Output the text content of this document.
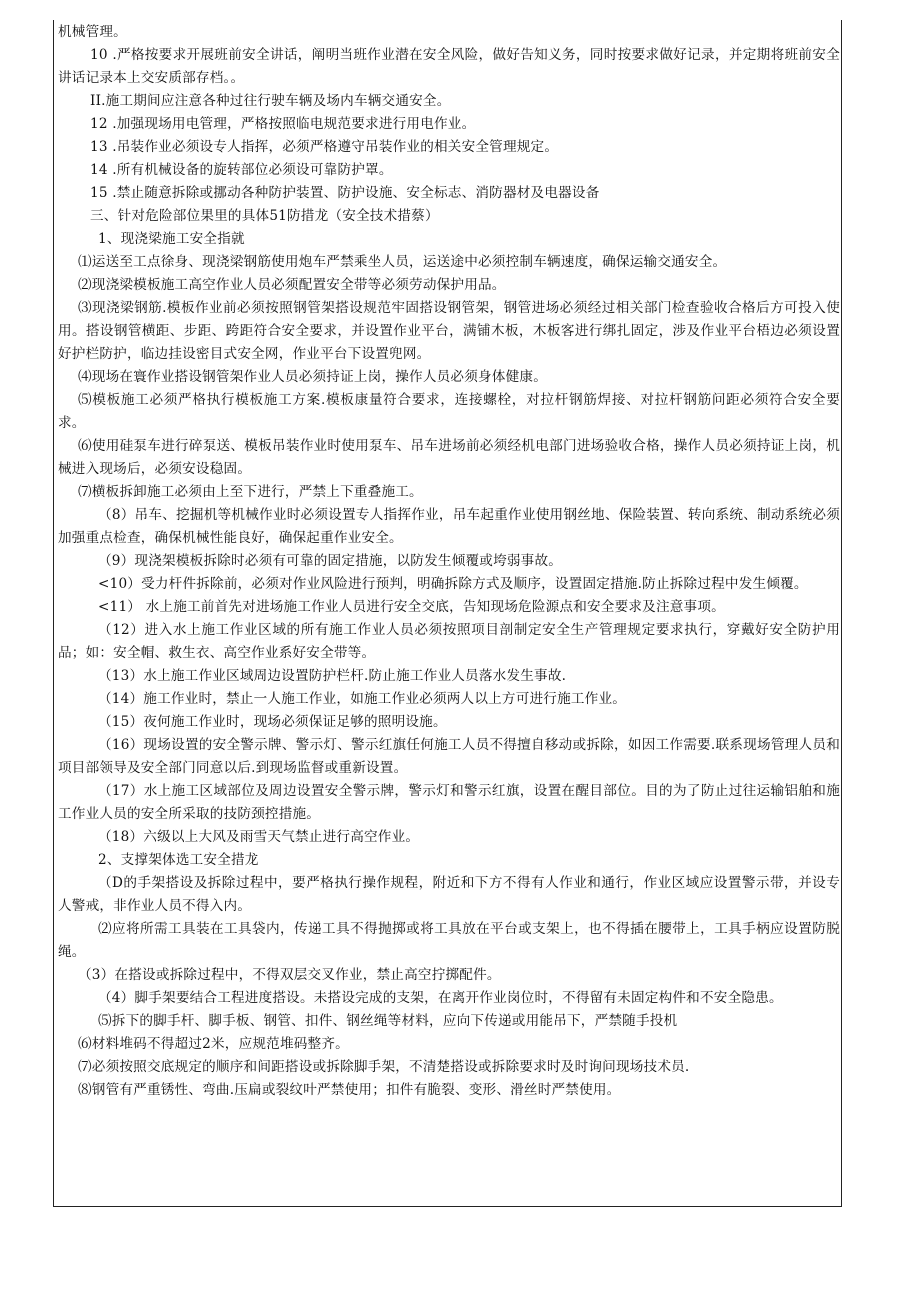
机械管理。

10 .严格按要求开展班前安全讲话，阐明当班作业潜在安全风险，做好告知义务，同时按要求做好记录，并定期将班前安全讲话记录本上交安质部存档。。

II.施工期间应注意各种过往行驶车辆及场内车辆交通安全。

12 .加强现场用电管理，严格按照临电规范要求进行用电作业。

13 .吊装作业必须设专人指挥，必须严格遵守吊装作业的相关安全管理规定。

14 .所有机械设备的旋转部位必须设可靠防护罩。

15 .禁止随意拆除或挪动各种防护装置、防护设施、安全标志、消防器材及电器设备

三、针对危险部位果里的具体51防措龙（安全技术措蔡）

1、现浇梁施工安全指就

⑴运送至工点徐身、现浇梁钢筋使用炮车严禁乘坐人员，运送途中必须控制车辆速度，确保运输交通安全。

⑵现浇梁模板施工高空作业人员必须配置安全带等必须劳动保护用品。

⑶现浇梁钢筋.模板作业前必须按照钢管架搭设规范牢固搭设钢管架，钢管进场必须经过相关部门检查验收合格后方可投入使用。搭设钢管横距、步距、跨距符合安全要求，并设置作业平台，满铺木板，木板客进行绑扎固定，涉及作业平台梧边必须设置好护栏防护，临边挂设密目式安全网，作业平台下设置兜网。

⑷现场在寰作业搭设钢管架作业人员必须持证上岗，操作人员必须身体健康。

⑸模板施工必须严格执行模板施工方案.模板康量符合要求，连接螺栓，对拉杆钢筋焊接、对拉杆钢筋问距必须符合安全要求。

⑹使用硅泵车进行碎泵送、模板吊装作业时使用泵车、吊车进场前必须经机电部门进场验收合格，操作人员必须持证上岗，机械进入现场后，必须安设稳固。

⑺横板拆卸施工必须由上至下进行，严禁上下重叠施工。

（8）吊车、挖掘机等机械作业时必须设置专人指挥作业，吊车起重作业使用钢丝地、保险装置、转向系统、制动系统必须加强重点检查，确保机械性能良好，确保起重作业安全。

（9）现浇架模板拆除时必须有可靠的固定措施，以防发生倾覆或垮弱事故。

<10）受力杆件拆除前，必须对作业风险进行预判，明确拆除方式及顺序，设置固定措施.防止拆除过程中发生倾覆。

<11） 水上施工前首先对进场施工作业人员进行安全交底，告知现场危险源点和安全要求及注意事项。

（12）进入水上施工作业区域的所有施工作业人员必须按照项目剖制定安全生产管理规定要求执行，穿戴好安全防护用品；如：安全帽、救生衣、高空作业系好安全带等。

（13）水上施工作业区域周边设置防护栏杆.防止施工作业人员落水发生事故.

（14）施工作业时，禁止一人施工作业，如施工作业必须两人以上方可进行施工作业。

（15）夜何施工作业时，现场必须保证足够的照明设施。

（16）现场设置的安全警示牌、警示灯、警示红旗任何施工人员不得擅自移动或拆除，如因工作需要.联系现场管理人员和项目部领导及安全部门同意以后.到现场监督或重新设置。

（17）水上施工区域部位及周边设置安全警示牌，警示灯和警示红旗，设置在醒目部位。目的为了防止过往运输铝舶和施工作业人员的安全所采取的技防颈控措施。

（18）六级以上大风及雨雪天气禁止进行高空作业。

2、支撑架体选工安全措龙

（D的手架搭设及拆除过程中，要严格执行操作规程，附近和下方不得有人作业和通行，作业区域应设置警示带，并设专人警戒，非作业人员不得入内。

⑵应将所需工具装在工具袋内，传递工具不得抛掷或将工具放在平台或支架上，也不得插在腰带上，工具手柄应设置防脱绳。

（3）在搭设或拆除过程中，不得双层交叉作业，禁止高空拧掷配件。

（4）脚手架要结合工程进度搭设。未搭设完成的支架，在离开作业岗位时，不得留有未固定构件和不安全隐患。

⑸拆下的脚手杆、脚手板、钢管、扣件、钢丝绳等材料，应向下传递或用能吊下，严禁随手投机

⑹材料堆码不得超过2米，应规范堆码整齐。

⑺必须按照交底规定的顺序和间距搭设或拆除脚手架，不清楚搭设或拆除要求时及时询问现场技术员.

⑻钢管有严重锈性、弯曲.压扁或裂纹叶严禁使用；扣件有脆裂、变形、滑丝时严禁使用。
